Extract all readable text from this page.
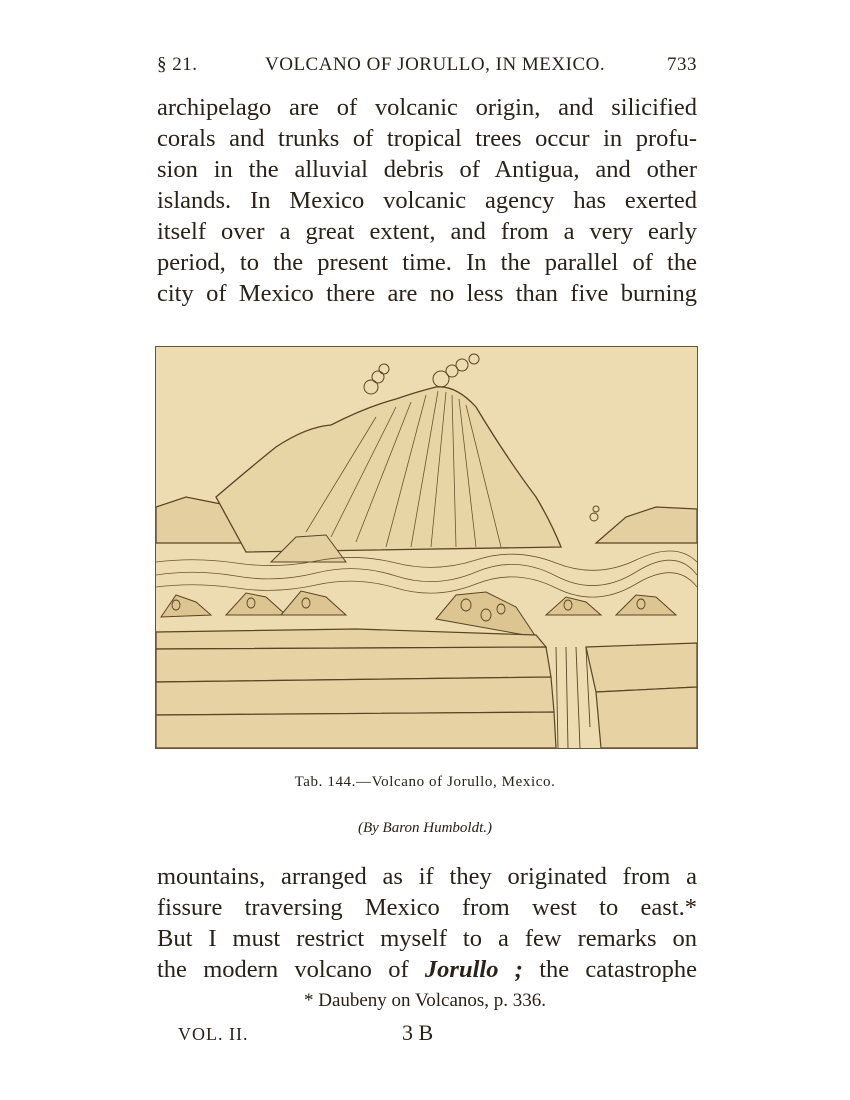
§ 21.	VOLCANO OF JORULLO, IN MEXICO.	733
archipelago are of volcanic origin, and silicified
corals and trunks of tropical trees occur in profu-
sion in the alluvial debris of Antigua, and other
islands. In Mexico volcanic agency has exerted
itself over a great extent, and from a very early
period, to the present time. In the parallel of the
city of Mexico there are no less than five burning
Tab. 144.—Volcano of Jorullo, Mexico.
(By Baron Humboldt.)
mountains, arranged as if they originated from a
fissure traversing Mexico from west to east.*
But I must restrict myself to a few remarks on
the modern volcano of Jorullo ; the catastrophe
* Daubeny on Volcanos, p. 336.
VOL. II.	3 B
